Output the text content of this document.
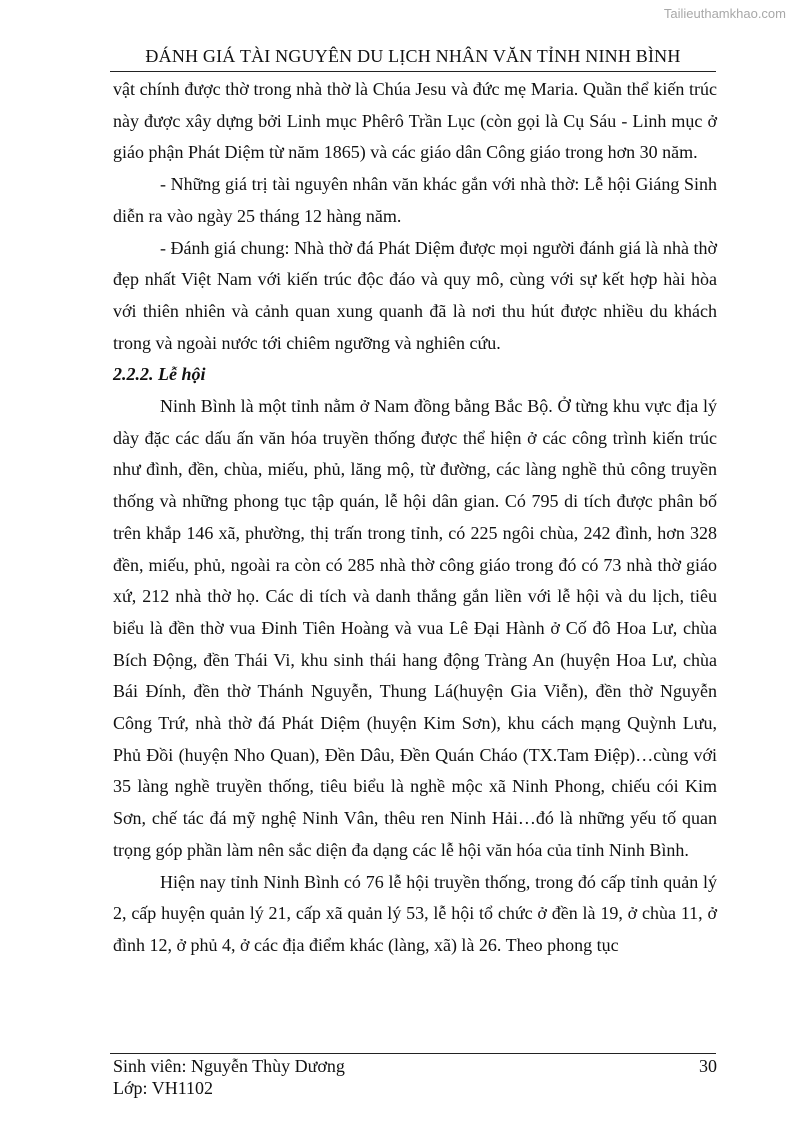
Tailieuthamkhao.com
ĐÁNH GIÁ TÀI NGUYÊN DU LỊCH NHÂN VĂN TỈNH NINH BÌNH

vật chính được thờ trong nhà thờ là Chúa Jesu và đức mẹ Maria. Quần thể kiến trúc này được xây dựng bởi Linh mục Phêrô Trần Lục (còn gọi là Cụ Sáu - Linh mục ở giáo phận Phát Diệm từ năm 1865) và các giáo dân Công giáo trong hơn 30 năm.

- Những giá trị tài nguyên nhân văn khác gắn với nhà thờ: Lễ hội Giáng Sinh diễn ra vào ngày 25 tháng 12 hàng năm.

- Đánh giá chung: Nhà thờ đá Phát Diệm được mọi người đánh giá là nhà thờ đẹp nhất Việt Nam với kiến trúc độc đáo và quy mô, cùng với sự kết hợp hài hòa với thiên nhiên và cảnh quan xung quanh đã là nơi thu hút được nhiều du khách trong và ngoài nước tới chiêm ngưỡng và nghiên cứu.

2.2.2. Lễ hội

Ninh Bình là một tỉnh nằm ở Nam đồng bằng Bắc Bộ. Ở từng khu vực địa lý dày đặc các dấu ấn văn hóa truyền thống được thể hiện ở các công trình kiến trúc như đình, đền, chùa, miếu, phủ, lăng mộ, từ đường, các làng nghề thủ công truyền thống và những phong tục tập quán, lễ hội dân gian. Có 795 di tích được phân bố trên khắp 146 xã, phường, thị trấn trong tỉnh, có 225 ngôi chùa, 242 đình, hơn 328 đền, miếu, phủ, ngoài ra còn có 285 nhà thờ công giáo trong đó có 73 nhà thờ giáo xứ, 212 nhà thờ họ. Các di tích và danh thắng gắn liền với lễ hội và du lịch, tiêu biểu là đền thờ vua Đinh Tiên Hoàng và vua Lê Đại Hành ở Cố đô Hoa Lư, chùa Bích Động, đền Thái Vi, khu sinh thái hang động Tràng An (huyện Hoa Lư, chùa Bái Đính, đền thờ Thánh Nguyễn, Thung Lá(huyện Gia Viễn), đền thờ Nguyễn Công Trứ, nhà thờ đá Phát Diệm (huyện Kim Sơn), khu cách mạng Quỳnh Lưu, Phủ Đồi (huyện Nho Quan), Đền Dâu, Đền Quán Cháo (TX.Tam Điệp)…cùng với 35 làng nghề truyền thống, tiêu biểu là nghề mộc xã Ninh Phong, chiếu cói Kim Sơn, chế tác đá mỹ nghệ Ninh Vân, thêu ren Ninh Hải…đó là những yếu tố quan trọng góp phần làm nên sắc diện đa dạng các lễ hội văn hóa của tỉnh Ninh Bình.

Hiện nay tỉnh Ninh Bình có 76 lễ hội truyền thống, trong đó cấp tỉnh quản lý 2, cấp huyện quản lý 21, cấp xã quản lý 53, lễ hội tổ chức ở đền là 19, ở chùa 11, ở đình 12, ở phủ 4, ở các địa điểm khác (làng, xã) là 26. Theo phong tục

Sinh viên: Nguyễn Thùy Dương	30
Lớp: VH1102
